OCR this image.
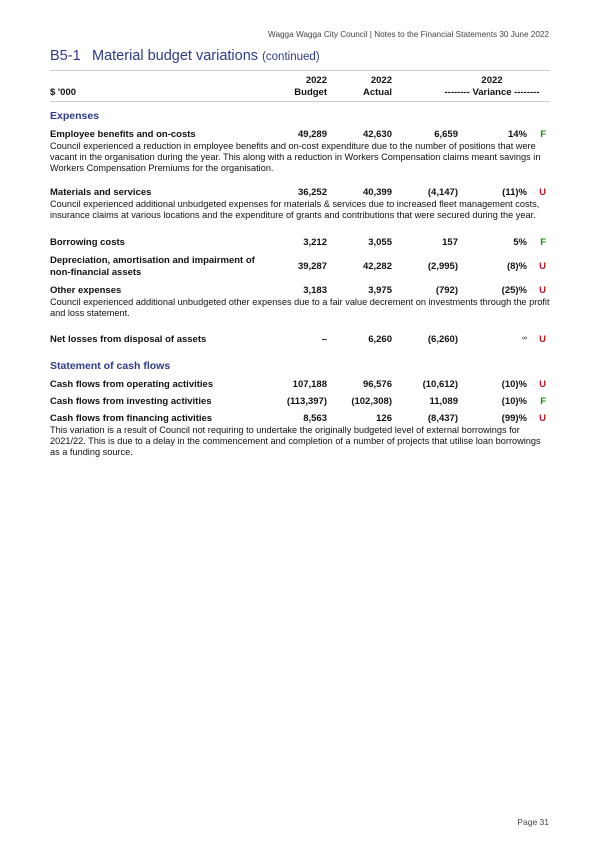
Wagga Wagga City Council | Notes to the Financial Statements 30 June 2022
B5-1 Material budget variations (continued)
2022	2022	2022
$ '000	Budget	Actual	-------- Variance --------
Expenses
Employee benefits and on-costs	49,289	42,630	6,659	14% F
Council experienced a reduction in employee benefits and on-cost expenditure due to the number of positions that were vacant in the organisation during the year. This along with a reduction in Workers Compensation claims meant savings in Workers Compensation Premiums for the organisation.
Materials and services	36,252	40,399	(4,147)	(11)% U
Council experienced additional unbudgeted expenses for materials & services due to increased fleet management costs, insurance claims at various locations and the expenditure of grants and contributions that were secured during the year.
Borrowing costs	3,212	3,055	157	5% F
Depreciation, amortisation and impairment of non-financial assets
39,287	42,282	(2,995)	(8)% U
Other expenses	3,183	3,975	(792)	(25)% U
Council experienced additional unbudgeted other expenses due to a fair value decrement on investments through the profit and loss statement.
Net losses from disposal of assets	–	6,260	(6,260)	∞ U
Statement of cash flows
Cash flows from operating activities	107,188	96,576	(10,612)	(10)% U
Cash flows from investing activities	(113,397)	(102,308)	11,089	(10)% F
Cash flows from financing activities	8,563	126	(8,437)	(99)% U
This variation is a result of Council not requiring to undertake the originally budgeted level of external borrowings for 2021/22. This is due to a delay in the commencement and completion of a number of projects that utilise loan borrowings as a funding source.
Page 31
